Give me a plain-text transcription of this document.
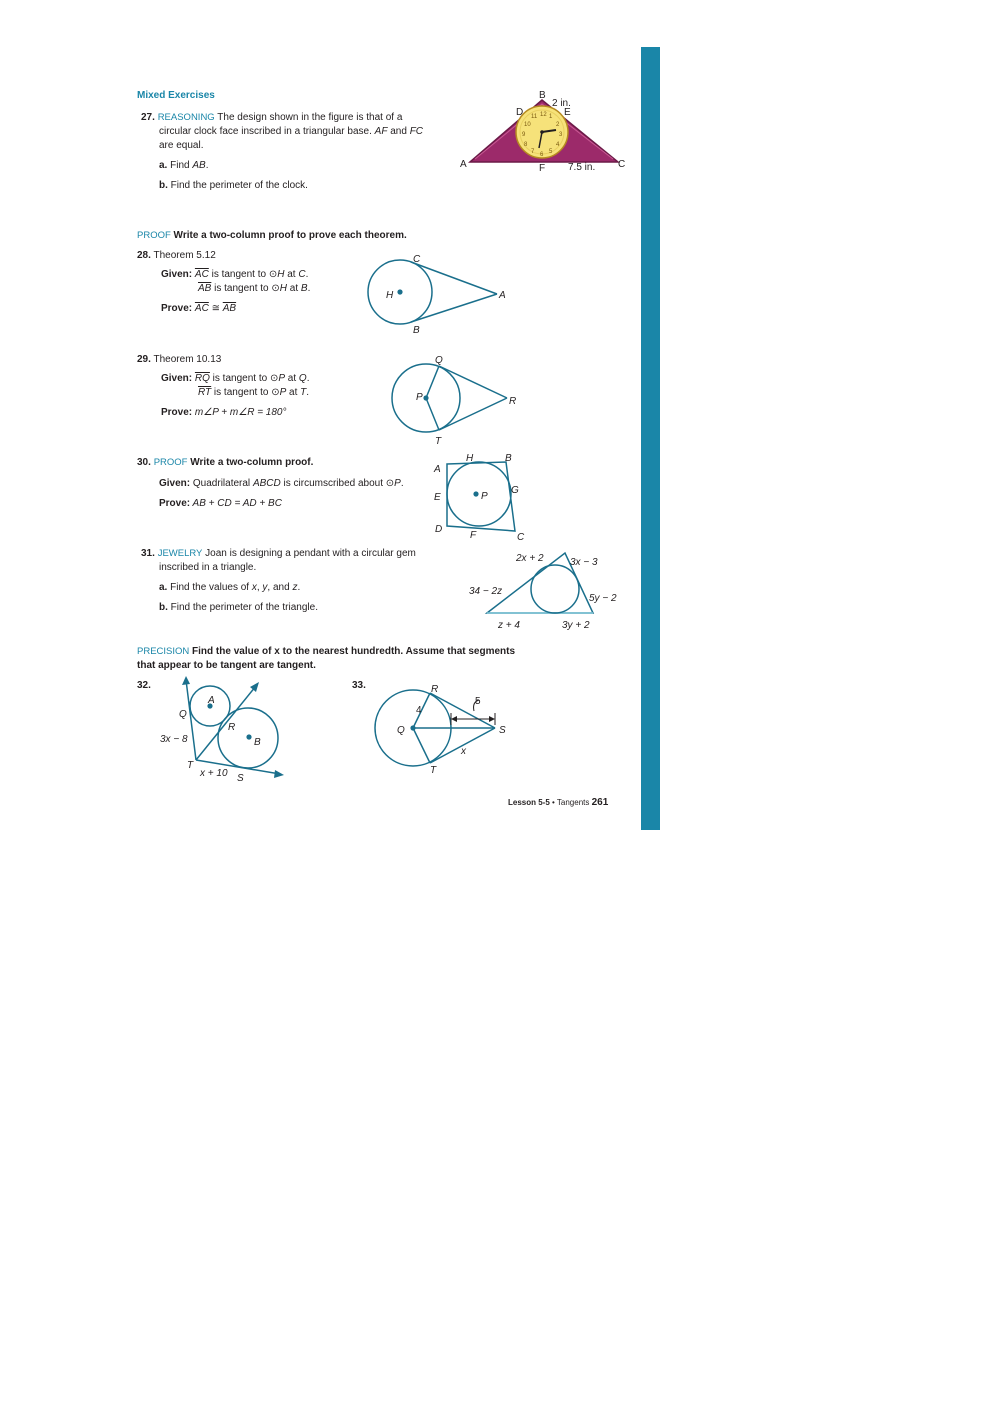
Mixed Exercises
27. REASONING The design shown in the figure is that of a
circular clock face inscribed in a triangular base. AF and FC
are equal.
a. Find AB.
b. Find the perimeter of the clock.
12 1
2
3
4
5
6
7
8
9
10
11
B
2 in.
D	E
A	F 7.5 in. C
PROOF Write a two-column proof to prove each theorem.
28. Theorem 5.12
Given: $\overline{AC}$ is tangent to ⊙H at C.
$\overline{AB}$ is tangent to ⊙H at B.
Prove: $\overline{AC}$ ≅ $\overline{AB}$
C
H	A
B
29. Theorem 10.13
Given: $\overline{RQ}$ is tangent to ⊙P at Q.
$\overline{RT}$ is tangent to ⊙P at T.
Prove: m∠P + m∠R = 180°
Q
P	R
T
30. PROOF Write a two-column proof.
Given: Quadrilateral ABCD is circumscribed about ⊙P.
Prove: AB + CD = AD + BC
A
H	B
G
E	P
D
F	C
31. JEWELRY Joan is designing a pendant with a circular gem
inscribed in a triangle.
a. Find the values of x, y, and z.
b. Find the perimeter of the triangle.
2x + 2	3x − 3
34 − 2z
5y − 2
z + 4	3y + 2
PRECISION Find the value of x to the nearest hundredth. Assume that segments
that appear to be tangent are tangent.
32.
A
Q
R
B
T
3x − 8
x + 10 S
33.	R
4
5
Q	S
x
T
Lesson 5-5 • Tangents 261
